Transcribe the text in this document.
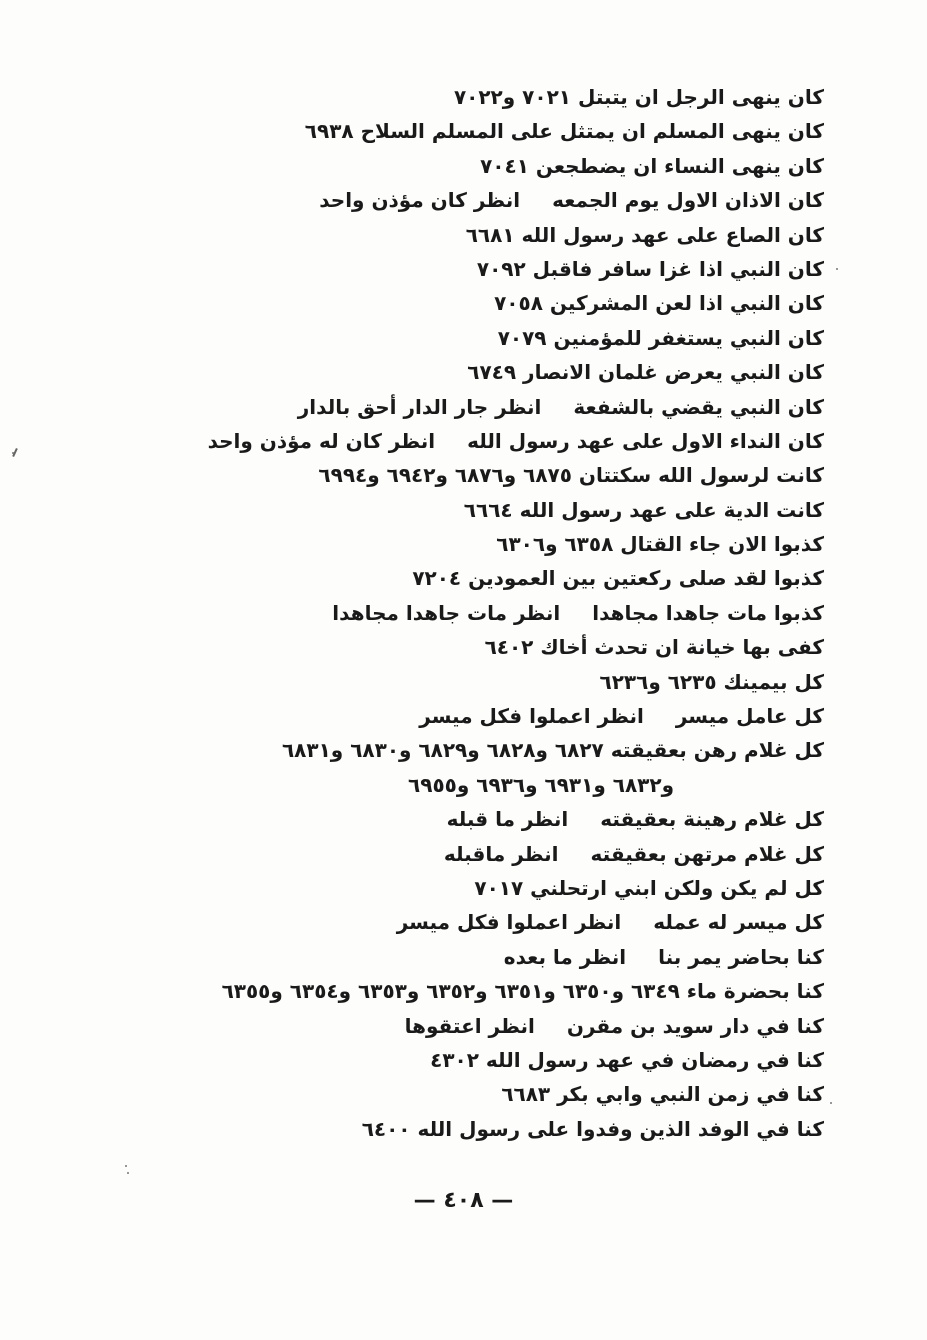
كان ينهى الرجل ان يتبتل ٧٠٢١ و٧٠٢٢
كان ينهى المسلم ان يمتثل على المسلم السلاح ٦٩٣٨
كان ينهى النساء ان يضطجعن ٧٠٤١
كان الاذان الاول يوم الجمعهانظر كان مؤذن واحد
كان الصاع على عهد رسول الله ٦٦٨١
كان النبي اذا غزا سافر فاقبل ٧٠٩٢
كان النبي اذا لعن المشركين ٧٠٥٨
كان النبي يستغفر للمؤمنين ٧٠٧٩
كان النبي يعرض غلمان الانصار ٦٧٤٩
كان النبي يقضي بالشفعةانظر جار الدار أحق بالدار
كان النداء الاول على عهد رسول اللهانظر كان له مؤذن واحد
كانت لرسول الله سكتتان ٦٨٧٥ و٦٨٧٦ و٦٩٤٢ و٦٩٩٤
كانت الدية على عهد رسول الله ٦٦٦٤
كذبوا الان جاء القتال ٦٣٥٨ و٦٣٠٦
كذبوا لقد صلى ركعتين بين العمودين ٧٢٠٤
كذبوا مات جاهدا مجاهداانظر مات جاهدا مجاهدا
كفى بها خيانة ان تحدث أخاك ٦٤٠٢
كل بيمينك ٦٢٣٥ و٦٢٣٦
كل عامل ميسرانظر اعملوا فكل ميسر
كل غلام رهن بعقيقته ٦٨٢٧ و٦٨٢٨ و٦٨٢٩ و٦٨٣٠ و٦٨٣١
و٦٨٣٢ و٦٩٣١ و٦٩٣٦ و٦٩٥٥
كل غلام رهينة بعقيقتهانظر ما قبله
كل غلام مرتهن بعقيقتهانظر ماقبله
كل لم يكن ولكن ابني ارتحلني ٧٠١٧
كل ميسر له عملهانظر اعملوا فكل ميسر
كنا بحاضر يمر بناانظر ما بعده
كنا بحضرة ماء ٦٣٤٩ و٦٣٥٠ و٦٣٥١ و٦٣٥٢ و٦٣٥٣ و٦٣٥٤ و٦٣٥٥
كنا في دار سويد بن مقرنانظر اعتقوها
كنا في رمضان في عهد رسول الله ٤٣٠٢
كنا في زمن النبي وابي بكر ٦٦٨٣
كنا في الوفد الذين وفدوا على رسول الله ٦٤٠٠
— ٤٠٨ —
